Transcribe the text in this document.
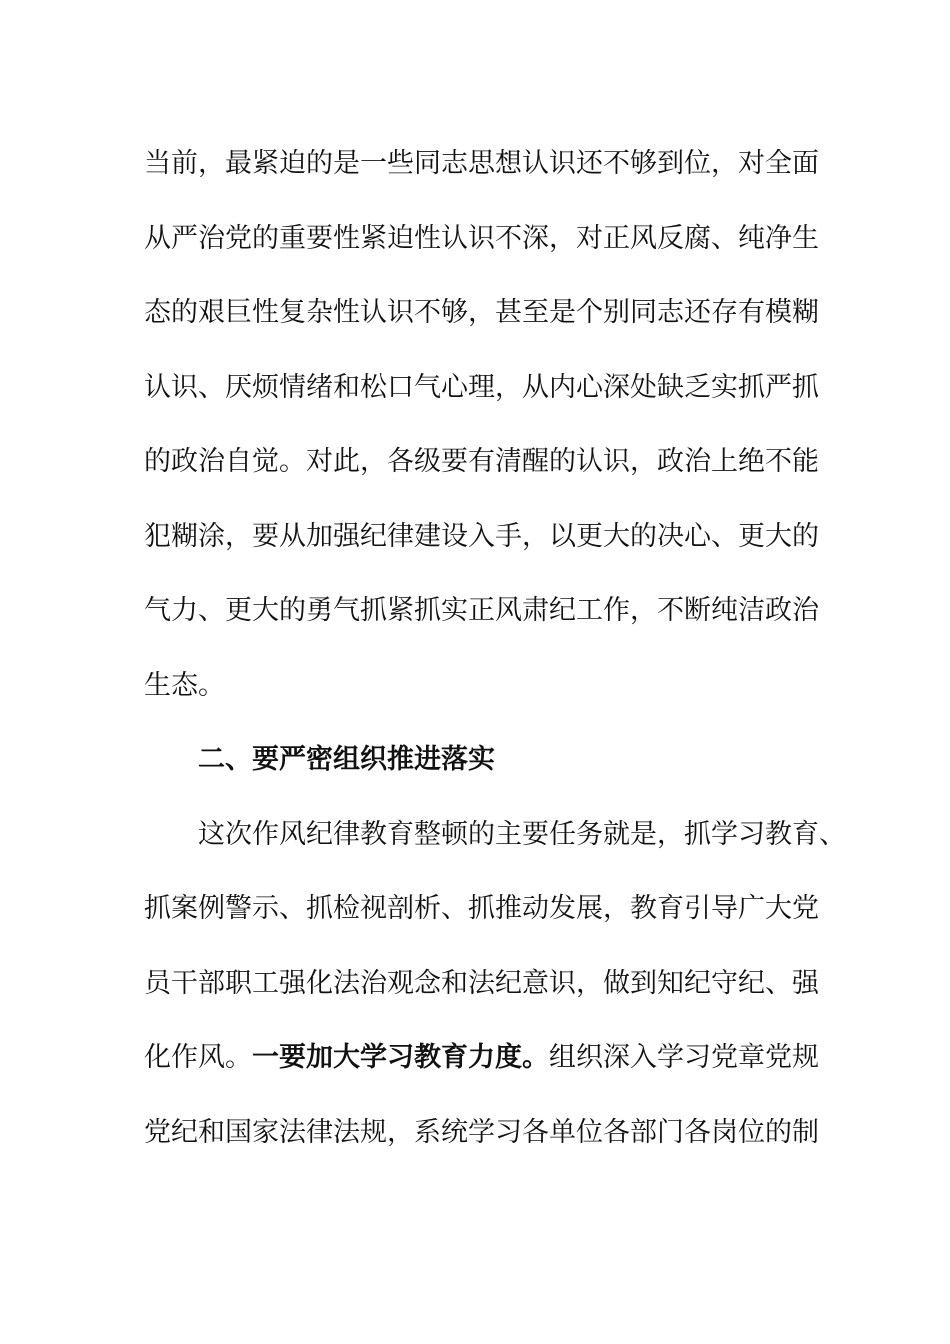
当前，最紧迫的是一些同志思想认识还不够到位，对全面
从严治党的重要性紧迫性认识不深，对正风反腐、纯净生
态的艰巨性复杂性认识不够，甚至是个别同志还存有模糊
认识、厌烦情绪和松口气心理，从内心深处缺乏实抓严抓
的政治自觉。对此，各级要有清醒的认识，政治上绝不能
犯糊涂，要从加强纪律建设入手，以更大的决心、更大的
气力、更大的勇气抓紧抓实正风肃纪工作，不断纯洁政治
生态。
二、要严密组织推进落实
这次作风纪律教育整顿的主要任务就是，抓学习教育、
抓案例警示、抓检视剖析、抓推动发展，教育引导广大党
员干部职工强化法治观念和法纪意识，做到知纪守纪、强
化作风。一要加大学习教育力度。组织深入学习党章党规
党纪和国家法律法规，系统学习各单位各部门各岗位的制
